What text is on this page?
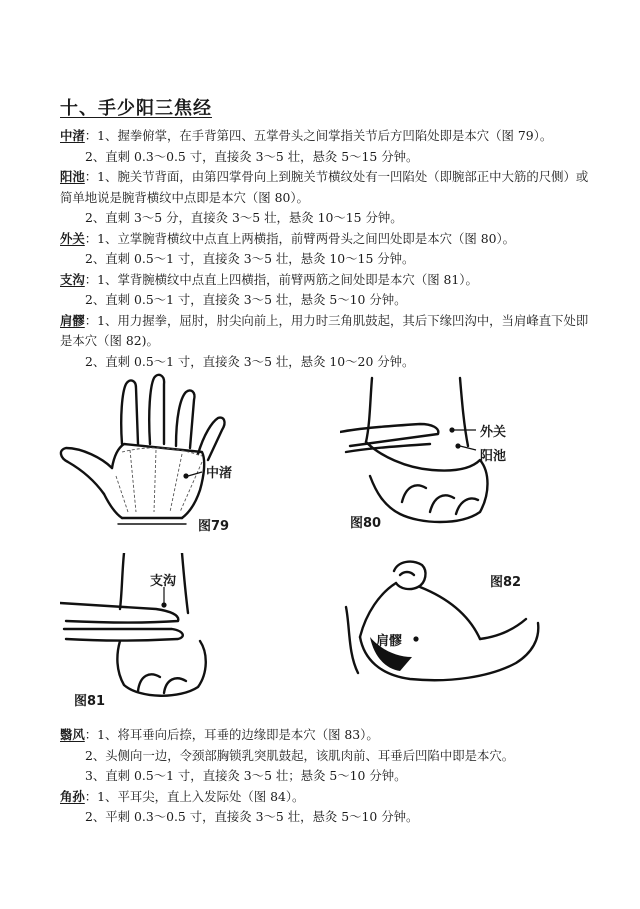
十、手少阳三焦经

中渚：1、握拳俯掌，在手背第四、五掌骨头之间掌指关节后方凹陷处即是本穴（图 79）。

2、直刺 0.3～0.5 寸，直接灸 3～5 壮，悬灸 5～15 分钟。

阳池：1、腕关节背面，由第四掌骨向上到腕关节横纹处有一凹陷处（即腕部正中大筋的尺侧）或简单地说是腕背横纹中点即是本穴（图 80）。

2、直刺 3～5 分，直接灸 3～5 壮，悬灸 10～15 分钟。

外关：1、立掌腕背横纹中点直上两横指，前臂两骨头之间凹处即是本穴（图 80）。

2、直刺 0.5～1 寸，直接灸 3～5 壮，悬灸 10～15 分钟。

支沟：1、掌背腕横纹中点直上四横指，前臂两筋之间处即是本穴（图 81）。

2、直刺 0.5～1 寸，直接灸 3～5 壮，悬灸 5～10 分钟。

肩髎：1、用力握拳，屈肘，肘尖向前上，用力时三角肌鼓起，其后下缘凹沟中，当肩峰直下处即是本穴（图 82)。

2、直刺 0.5～1 寸，直接灸 3～5 壮，悬灸 10～20 分钟。

中渚
图79
外关
阳池
图80
支沟
图81
肩髎
图82

翳风：1、将耳垂向后捺，耳垂的边缘即是本穴（图 83）。

2、头侧向一边，令颈部胸锁乳突肌鼓起，该肌肉前、耳垂后凹陷中即是本穴。

3、直刺 0.5～1 寸，直接灸 3～5 壮；悬灸 5～10 分钟。

角孙：1、平耳尖，直上入发际处（图 84）。

2、平刺 0.3～0.5 寸，直接灸 3～5 壮，悬灸 5～10 分钟。
